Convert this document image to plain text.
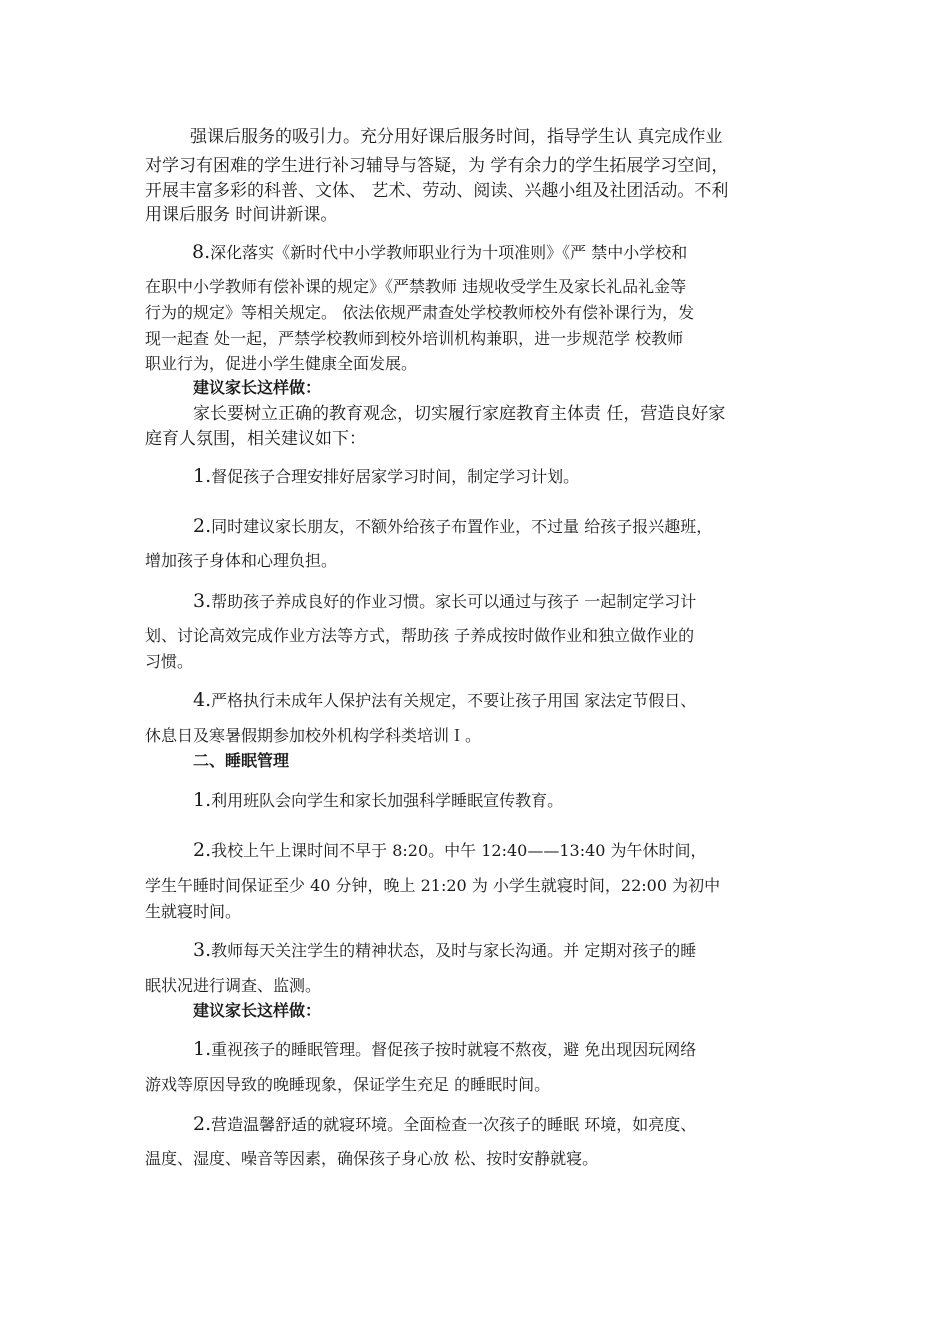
强课后服务的吸引力。充分用好课后服务时间，指导学生认 真完成作业
对学习有困难的学生进行补习辅导与答疑，为 学有余力的学生拓展学习空间，
开展丰富多彩的科普、文体、 艺术、劳动、阅读、兴趣小组及社团活动。不利
用课后服务 时间讲新课。
8.深化落实《新时代中小学教师职业行为十项准则》《严 禁中小学校和
在职中小学教师有偿补课的规定》《严禁教师 违规收受学生及家长礼品礼金等
行为的规定》等相关规定。 依法依规严肃查处学校教师校外有偿补课行为，发
现一起查 处一起，严禁学校教师到校外培训机构兼职，进一步规范学 校教师
职业行为，促进小学生健康全面发展。
建议家长这样做：
家长要树立正确的教育观念，切实履行家庭教育主体责 任，营造良好家
庭育人氛围，相关建议如下：
1.督促孩子合理安排好居家学习时间，制定学习计划。
2.同时建议家长朋友，不额外给孩子布置作业，不过量 给孩子报兴趣班，
增加孩子身体和心理负担。
3.帮助孩子养成良好的作业习惯。家长可以通过与孩子 一起制定学习计
划、讨论高效完成作业方法等方式，帮助孩 子养成按时做作业和独立做作业的
习惯。
4.严格执行未成年人保护法有关规定，不要让孩子用国 家法定节假日、
休息日及寒暑假期参加校外机构学科类培训Ｉ。
二、睡眠管理
1.利用班队会向学生和家长加强科学睡眠宣传教育。
2.我校上午上课时间不早于 8:20。中午 12:40——13:40 为午休时间，
学生午睡时间保证至少 40 分钟，晚上 21:20 为 小学生就寝时间，22:00 为初中
生就寝时间。
3.教师每天关注学生的精神状态，及时与家长沟通。并 定期对孩子的睡
眠状况进行调查、监测。
建议家长这样做：
1.重视孩子的睡眠管理。督促孩子按时就寝不熬夜，避 免出现因玩网络
游戏等原因导致的晚睡现象，保证学生充足 的睡眠时间。
2.营造温馨舒适的就寝环境。全面检查一次孩子的睡眠 环境，如亮度、
温度、湿度、噪音等因素，确保孩子身心放 松、按时安静就寝。
